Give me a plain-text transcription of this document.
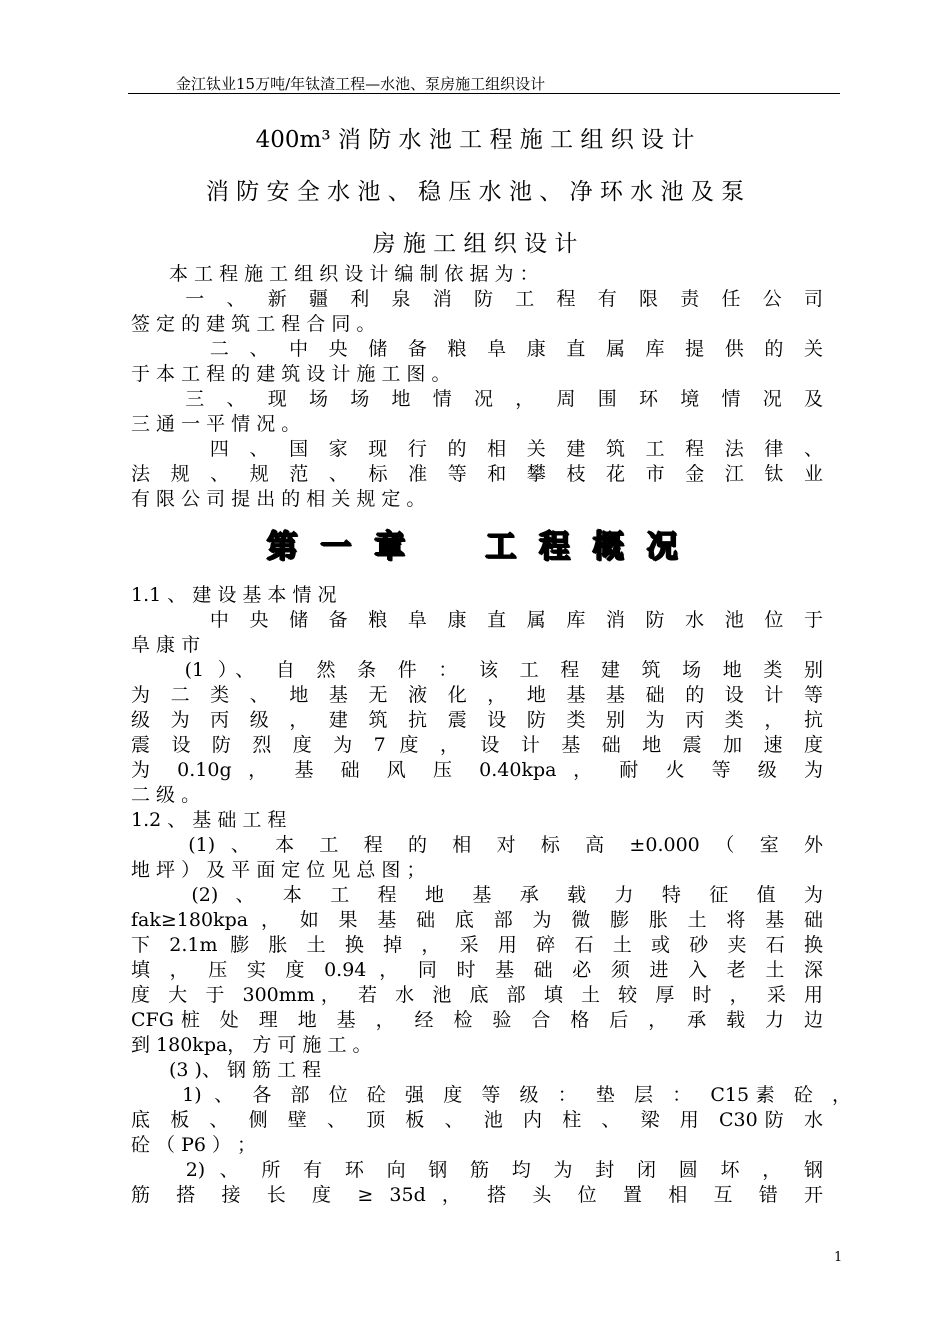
金江钛业15万吨/年钛渣工程—水池、泵房施工组织设计
400m³ 消 防 水 池 工 程 施 工 组 织 设 计
消 防 安 全 水 池 、 稳 压 水 池 、 净 环 水 池 及 泵
房 施 工 组 织 设 计
　　本 工 程 施 工 组 织 设 计 编 制 依 据 为 ：
　　一 、 新 疆 利 泉 消 防 工 程 有 限 责 任 公 司
签 定 的 建 筑 工 程 合 同 。
　　　二 、 中 央 储 备 粮 阜 康 直 属 库 提 供 的 关
于 本 工 程 的 建 筑 设 计 施 工 图 。
　　三 、 现 场 场 地 情 况 ， 周 围 环 境 情 况 及
三 通 一 平 情 况 。
　　　四 、 国 家 现 行 的 相 关 建 筑 工 程 法 律 、
法 规 、 规 范 、 标 准 等 和 攀 枝 花 市 金 江 钛 业
有 限 公 司 提 出 的 相 关 规 定 。
第 一 章　　工 程 概 况
1.1 、 建 设 基 本 情 况
　　　中 央 储 备 粮 阜 康 直 属 库 消 防 水 池 位 于
阜 康 市
　　(1 ）、 自 然 条 件 ： 该 工 程 建 筑 场 地 类 别
为 二 类 、 地 基 无 液 化 ， 地 基 基 础 的 设 计 等
级 为 丙 级 ， 建 筑 抗 震 设 防 类 别 为 丙 类 ， 抗
震 设 防 烈 度 为 7 度 ， 设 计 基 础 地 震 加 速 度
为 0.10g ， 基 础 风 压 0.40kpa ， 耐 火 等 级 为
二 级 。
1.2 、 基 础 工 程
　　(1) 、 本 工 程 的 相 对 标 高 ±0.000 （ 室 外
地 坪 ） 及 平 面 定 位 见 总 图 ；
　　(2) 、 本 工 程 地 基 承 载 力 特 征 值 为
fak≥180kpa ， 如 果 基 础 底 部 为 微 膨 胀 土 将 基 础
下 2.1m 膨 胀 土 换 掉 ， 采 用 碎 石 土 或 砂 夹 石 换
填 ， 压 实 度 0.94 ， 同 时 基 础 必 须 进 入 老 土 深
度 大 于 300mm， 若 水 池 底 部 填 土 较 厚 时 ， 采 用
CFG桩 处 理 地 基 ， 经 检 验 合 格 后 ， 承 载 力 边
到 180kpa， 方 可 施 工 。
　　(3 )、 钢 筋 工 程
　　1) 、 各 部 位 砼 强 度 等 级 ： 垫 层 ： C15素 砼 ，
底 板 、 侧 壁 、 顶 板 、 池 内 柱 、 梁 用 C30防 水
砼 （ P6 ） ；
　　2) 、 所 有 环 向 钢 筋 均 为 封 闭 圆 坏 ， 钢
筋 搭 接 长 度 ≥ 35d ， 搭 头 位 置 相 互 错 开
1
